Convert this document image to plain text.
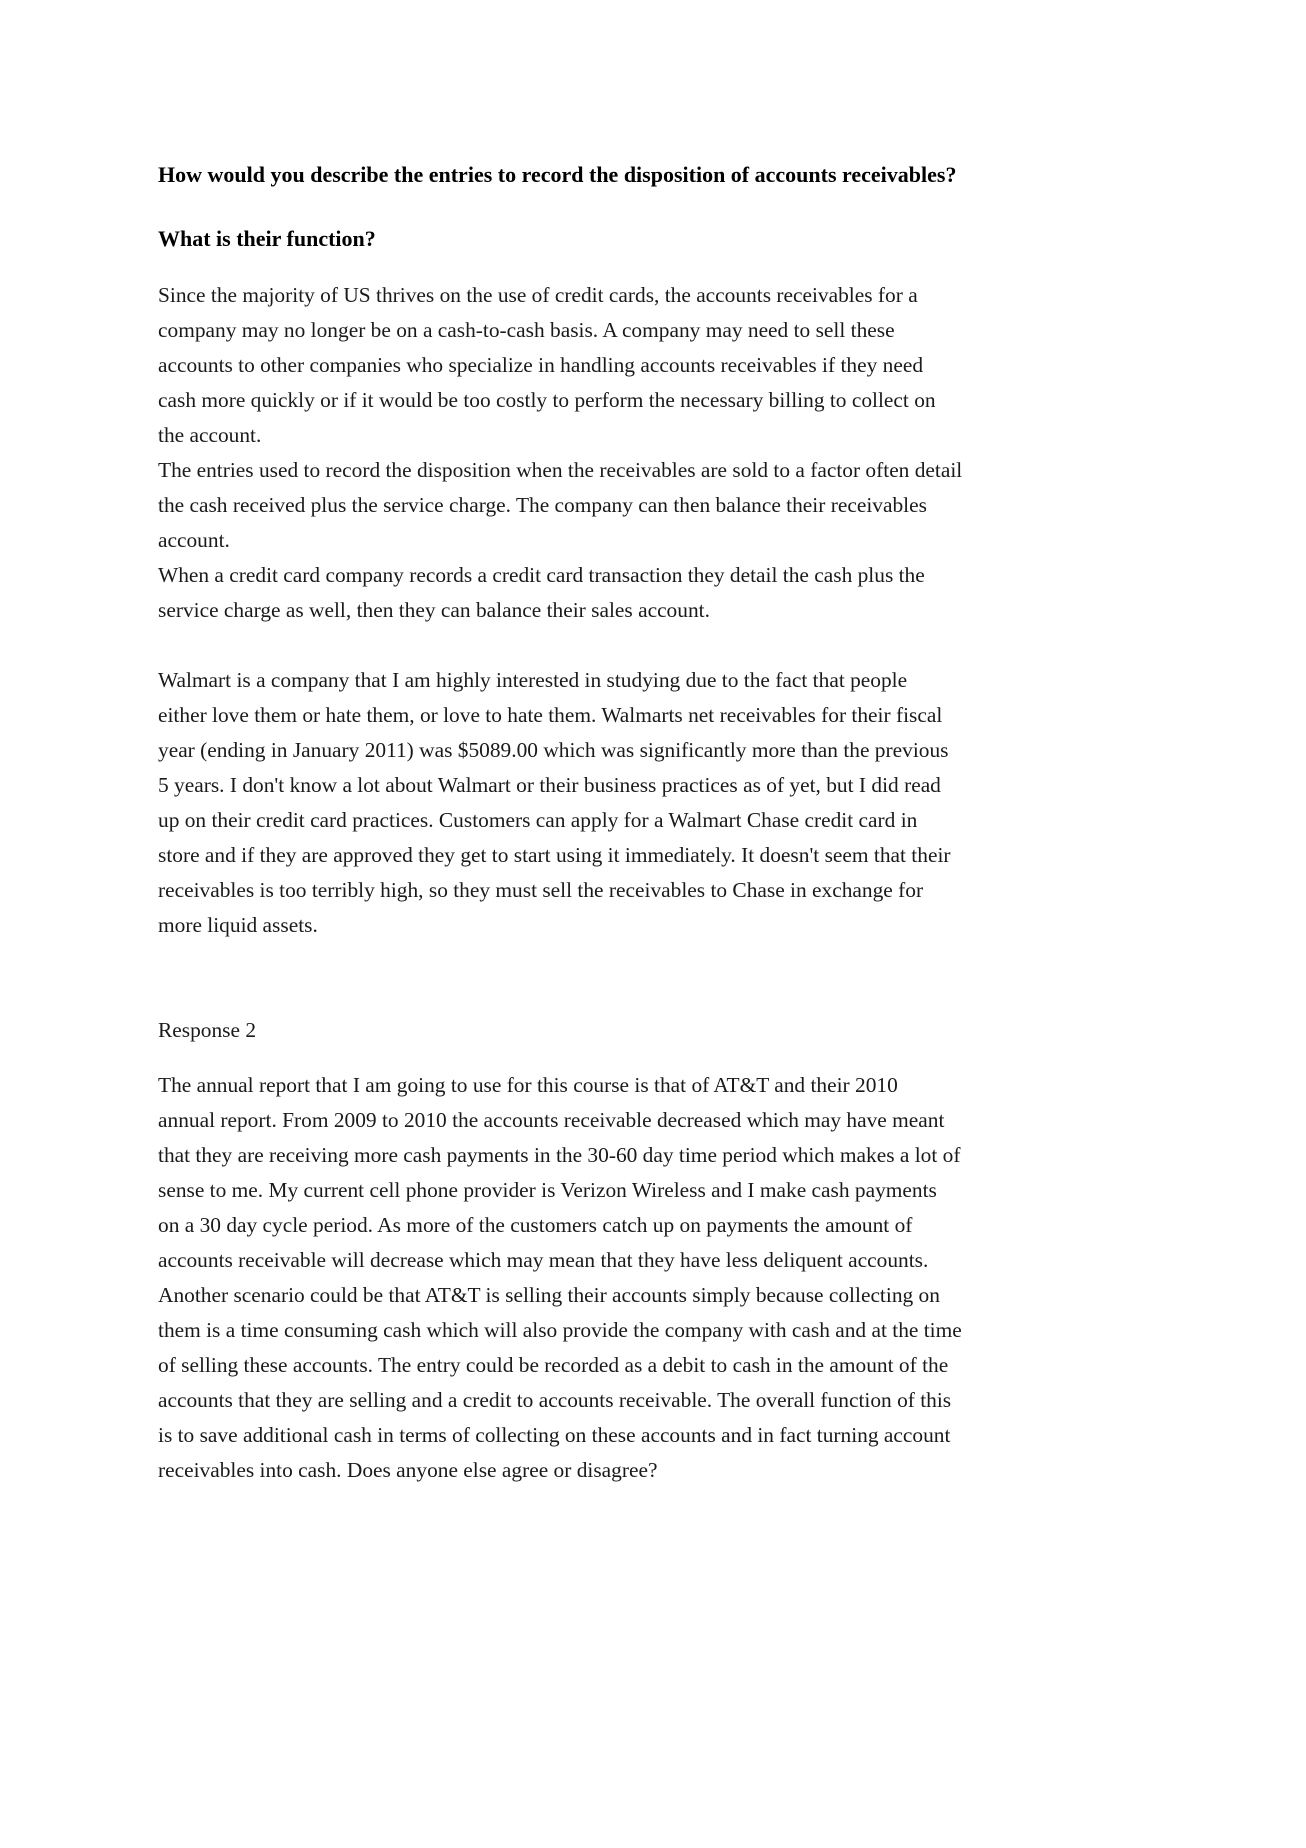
How would you describe the entries to record the disposition of accounts receivables?
What is their function?

Since the majority of US thrives on the use of credit cards, the accounts receivables for a
company may no longer be on a cash-to-cash basis. A company may need to sell these
accounts to other companies who specialize in handling accounts receivables if they need
cash more quickly or if it would be too costly to perform the necessary billing to collect on
the account.

The entries used to record the disposition when the receivables are sold to a factor often detail
the cash received plus the service charge. The company can then balance their receivables
account.

When a credit card company records a credit card transaction they detail the cash plus the
service charge as well, then they can balance their sales account.

Walmart is a company that I am highly interested in studying due to the fact that people
either love them or hate them, or love to hate them. Walmarts net receivables for their fiscal
year (ending in January 2011) was $5089.00 which was significantly more than the previous
5 years. I don't know a lot about Walmart or their business practices as of yet, but I did read
up on their credit card practices. Customers can apply for a Walmart Chase credit card in
store and if they are approved they get to start using it immediately. It doesn't seem that their
receivables is too terribly high, so they must sell the receivables to Chase in exchange for
more liquid assets.

Response 2

The annual report that I am going to use for this course is that of AT&T and their 2010
annual report. From 2009 to 2010 the accounts receivable decreased which may have meant
that they are receiving more cash payments in the 30-60 day time period which makes a lot of
sense to me. My current cell phone provider is Verizon Wireless and I make cash payments
on a 30 day cycle period. As more of the customers catch up on payments the amount of
accounts receivable will decrease which may mean that they have less deliquent accounts.
Another scenario could be that AT&T is selling their accounts simply because collecting on
them is a time consuming cash which will also provide the company with cash and at the time
of selling these accounts. The entry could be recorded as a debit to cash in the amount of the
accounts that they are selling and a credit to accounts receivable. The overall function of this
is to save additional cash in terms of collecting on these accounts and in fact turning account
receivables into cash. Does anyone else agree or disagree?
